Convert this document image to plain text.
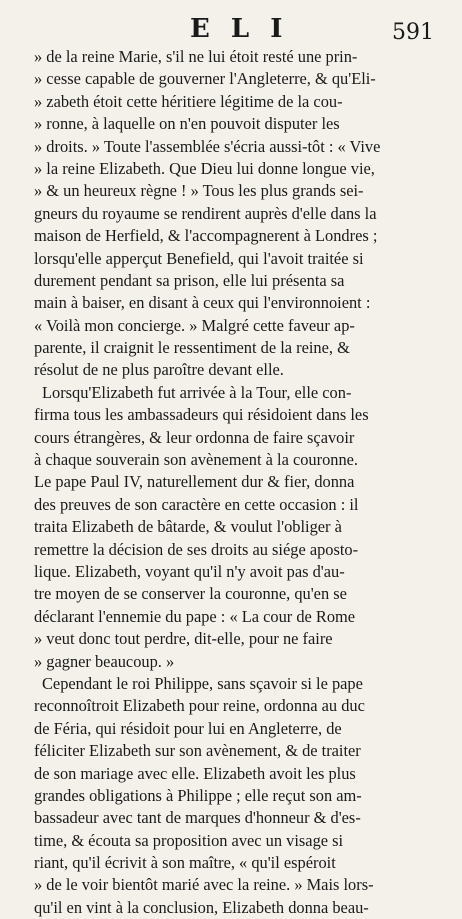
E L I	591
» de la reine Marie, s'il ne lui étoit resté une prin-
» cesse capable de gouverner l'Angleterre, & qu'Eli-
» zabeth étoit cette héritiere légitime de la cou-
» ronne, à laquelle on n'en pouvoit disputer les
» droits. » Toute l'assemblée s'écria aussi-tôt : « Vive
» la reine Elizabeth. Que Dieu lui donne longue vie,
» & un heureux règne ! » Tous les plus grands sei-
gneurs du royaume se rendirent auprès d'elle dans la
maison de Herfield, & l'accompagnerent à Londres ;
lorsqu'elle apperçut Benefield, qui l'avoit traitée si
durement pendant sa prison, elle lui présenta sa
main à baiser, en disant à ceux qui l'environnoient :
« Voilà mon concierge. » Malgré cette faveur ap-
parente, il craignit le ressentiment de la reine, &
résolut de ne plus paroître devant elle.
Lorsqu'Elizabeth fut arrivée à la Tour, elle con-
firma tous les ambassadeurs qui résidoient dans les
cours étrangères, & leur ordonna de faire sçavoir
à chaque souverain son avènement à la couronne.
Le pape Paul IV, naturellement dur & fier, donna
des preuves de son caractère en cette occasion : il
traita Elizabeth de bâtarde, & voulut l'obliger à
remettre la décision de ses droits au siége aposto-
lique. Elizabeth, voyant qu'il n'y avoit pas d'au-
tre moyen de se conserver la couronne, qu'en se
déclarant l'ennemie du pape : « La cour de Rome
» veut donc tout perdre, dit-elle, pour ne faire
» gagner beaucoup. »
Cependant le roi Philippe, sans sçavoir si le pape
reconnoîtroit Elizabeth pour reine, ordonna au duc
de Féria, qui résidoit pour lui en Angleterre, de
féliciter Elizabeth sur son avènement, & de traiter
de son mariage avec elle. Elizabeth avoit les plus
grandes obligations à Philippe ; elle reçut son am-
bassadeur avec tant de marques d'honneur & d'es-
time, & écouta sa proposition avec un visage si
riant, qu'il écrivit à son maître, « qu'il espéroit
» de le voir bientôt marié avec la reine. » Mais lors-
qu'il en vint à la conclusion, Elizabeth donna beau-
